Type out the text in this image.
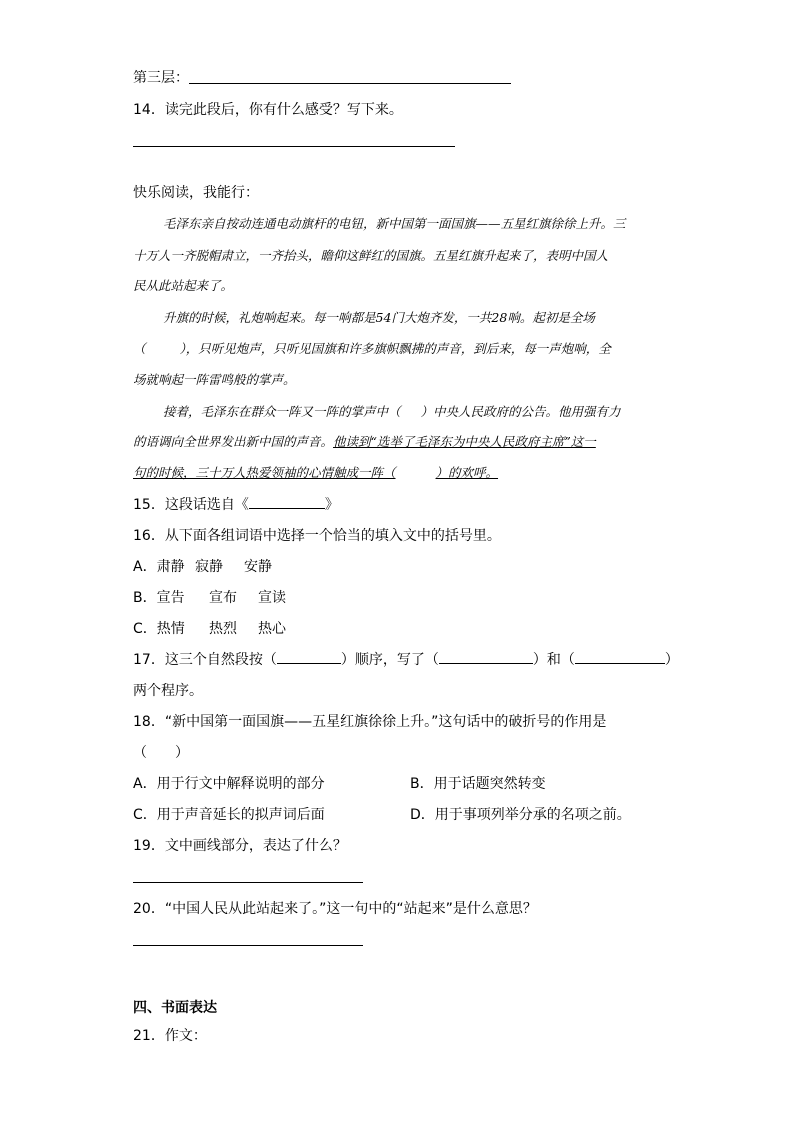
第三层：
14．读完此段后，你有什么感受？写下来。
快乐阅读，我能行：
毛泽东亲自按动连通电动旗杆的电钮，新中国第一面国旗——五星红旗徐徐上升。三
十万人一齐脱帽肃立，一齐抬头，瞻仰这鲜红的国旗。五星红旗升起来了，表明中国人
民从此站起来了。
升旗的时候，礼炮响起来。每一响都是54门大炮齐发，一共28响。起初是全场
（	），只听见炮声，只听见国旗和许多旗帜飘拂的声音，到后来，每一声炮响，全
场就响起一阵雷鸣般的掌声。
接着，毛泽东在群众一阵又一阵的掌声中（ ）中央人民政府的公告。他用强有力
的语调向全世界发出新中国的声音。他读到“选举了毛泽东为中央人民政府主席”这一
句的时候，三十万人热爱领袖的心情触成一阵（	）的欢呼。
15．这段话选自《	》
16．从下面各组词语中选择一个恰当的填入文中的括号里。
A．肃静 寂静 安静
B．宣告 宣布 宣读
C．热情 热烈 热心
17．这三个自然段按（	）顺序，写了（	）和（	）
两个程序。
18．“新中国第一面国旗——五星红旗徐徐上升。”这句话中的破折号的作用是
（　　）
A．用于行文中解释说明的部分	B．用于话题突然转变
C．用于声音延长的拟声词后面	D．用于事项列举分承的名项之前。
19．文中画线部分，表达了什么？
20．“中国人民从此站起来了。”这一句中的“站起来”是什么意思？
四、书面表达
21．作文：
